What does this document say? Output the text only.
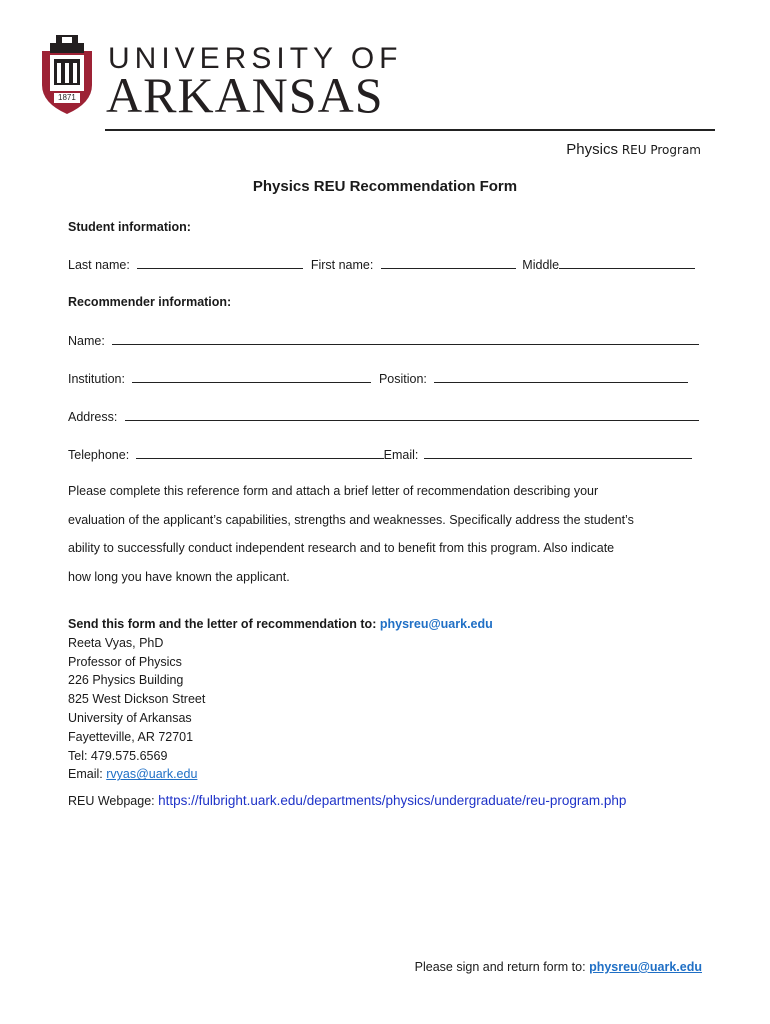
1871
UNIVERSITY OF
ARKANSAS
Physics REU Program
Physics REU Recommendation Form
Student information:
Last name:	First name:	Middle
Recommender information:
Name:
Institution:	Position:
Address:
Telephone:	Email:
Please complete this reference form and attach a brief letter of recommendation describing your
evaluation of the applicant’s capabilities, strengths and weaknesses. Specifically address the student’s
ability to successfully conduct independent research and to benefit from this program. Also indicate
how long you have known the applicant.
Send this form and the letter of recommendation to: physreu@uark.edu
Reeta Vyas, PhD
Professor of Physics
226 Physics Building
825 West Dickson Street
University of Arkansas
Fayetteville, AR 72701
Tel: 479.575.6569
Email: rvyas@uark.edu
REU Webpage: https://fulbright.uark.edu/departments/physics/undergraduate/reu-program.php
Please sign and return form to: physreu@uark.edu
